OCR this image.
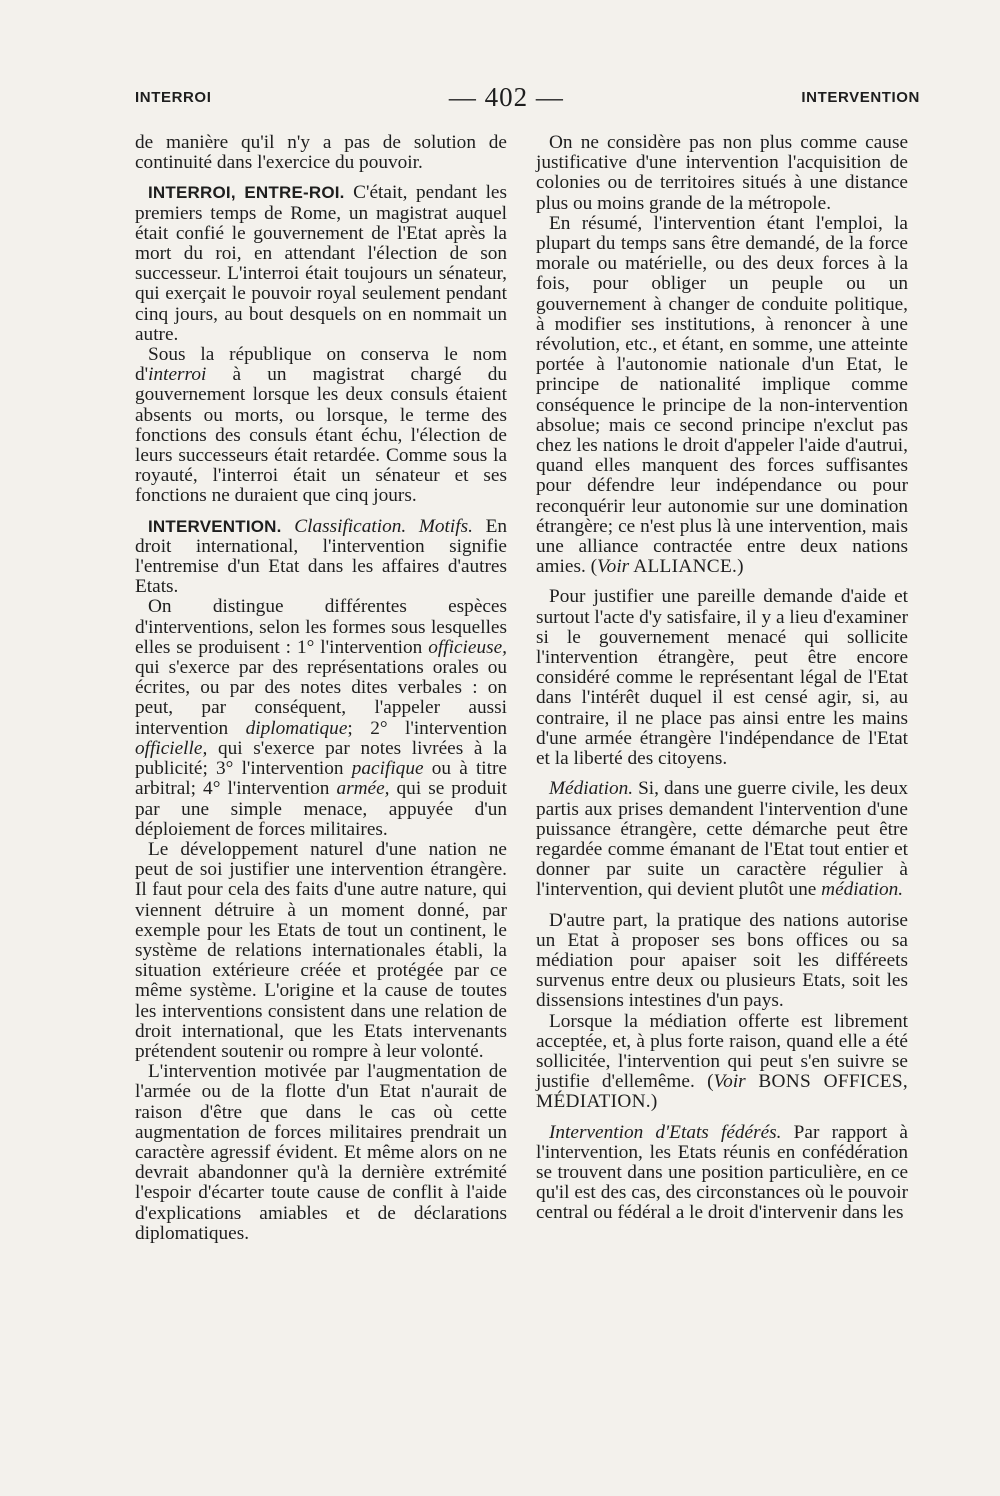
INTERROI	— 402 —	INTERVENTION

de manière qu'il n'y a pas de solution de continuité dans l'exercice du pouvoir.

INTERROI, ENTRE-ROI. C'était, pendant les premiers temps de Rome, un magistrat auquel était confié le gouvernement de l'Etat après la mort du roi, en attendant l'élection de son successeur. L'interroi était toujours un sénateur, qui exerçait le pouvoir royal seulement pendant cinq jours, au bout desquels on en nommait un autre.

Sous la république on conserva le nom d'interroi à un magistrat chargé du gouvernement lorsque les deux consuls étaient absents ou morts, ou lorsque, le terme des fonctions des consuls étant échu, l'élection de leurs successeurs était retardée. Comme sous la royauté, l'interroi était un sénateur et ses fonctions ne duraient que cinq jours.

INTERVENTION. Classification. Motifs. En droit international, l'intervention signifie l'entremise d'un Etat dans les affaires d'autres Etats.

On distingue différentes espèces d'interventions, selon les formes sous lesquelles elles se produisent : 1° l'intervention officieuse, qui s'exerce par des représentations orales ou écrites, ou par des notes dites verbales : on peut, par conséquent, l'appeler aussi intervention diplomatique; 2° l'intervention officielle, qui s'exerce par notes livrées à la publicité; 3° l'intervention pacifique ou à titre arbitral; 4° l'intervention armée, qui se produit par une simple menace, appuyée d'un déploiement de forces militaires.

Le développement naturel d'une nation ne peut de soi justifier une intervention étrangère. Il faut pour cela des faits d'une autre nature, qui viennent détruire à un moment donné, par exemple pour les Etats de tout un continent, le système de relations internationales établi, la situation extérieure créée et protégée par ce même système. L'origine et la cause de toutes les interventions consistent dans une relation de droit international, que les Etats intervenants prétendent soutenir ou rompre à leur volonté.

L'intervention motivée par l'augmentation de l'armée ou de la flotte d'un Etat n'aurait de raison d'être que dans le cas où cette augmentation de forces militaires prendrait un caractère agressif évident. Et même alors on ne devrait abandonner qu'à la dernière extrémité l'espoir d'écarter toute cause de conflit à l'aide d'explications amiables et de déclarations diplomatiques.

On ne considère pas non plus comme cause justificative d'une intervention l'acquisition de colonies ou de territoires situés à une distance plus ou moins grande de la métropole.

En résumé, l'intervention étant l'emploi, la plupart du temps sans être demandé, de la force morale ou matérielle, ou des deux forces à la fois, pour obliger un peuple ou un gouvernement à changer de conduite politique, à modifier ses institutions, à renoncer à une révolution, etc., et étant, en somme, une atteinte portée à l'autonomie nationale d'un Etat, le principe de nationalité implique comme conséquence le principe de la non-intervention absolue; mais ce second principe n'exclut pas chez les nations le droit d'appeler l'aide d'autrui, quand elles manquent des forces suffisantes pour défendre leur indépendance ou pour reconquérir leur autonomie sur une domination étrangère; ce n'est plus là une intervention, mais une alliance contractée entre deux nations amies. (Voir ALLIANCE.)

Pour justifier une pareille demande d'aide et surtout l'acte d'y satisfaire, il y a lieu d'examiner si le gouvernement menacé qui sollicite l'intervention étrangère, peut être encore considéré comme le représentant légal de l'Etat dans l'intérêt duquel il est censé agir, si, au contraire, il ne place pas ainsi entre les mains d'une armée étrangère l'indépendance de l'Etat et la liberté des citoyens.

Médiation. Si, dans une guerre civile, les deux partis aux prises demandent l'intervention d'une puissance étrangère, cette démarche peut être regardée comme émanant de l'Etat tout entier et donner par suite un caractère régulier à l'intervention, qui devient plutôt une médiation.

D'autre part, la pratique des nations autorise un Etat à proposer ses bons offices ou sa médiation pour apaiser soit les différeets survenus entre deux ou plusieurs Etats, soit les dissensions intestines d'un pays.

Lorsque la médiation offerte est librement acceptée, et, à plus forte raison, quand elle a été sollicitée, l'intervention qui peut s'en suivre se justifie d'ellemême. (Voir BONS OFFICES, MÉDIATION.)

Intervention d'Etats fédérés. Par rapport à l'intervention, les Etats réunis en confédération se trouvent dans une position particulière, en ce qu'il est des cas, des circonstances où le pouvoir central ou fédéral a le droit d'intervenir dans les
